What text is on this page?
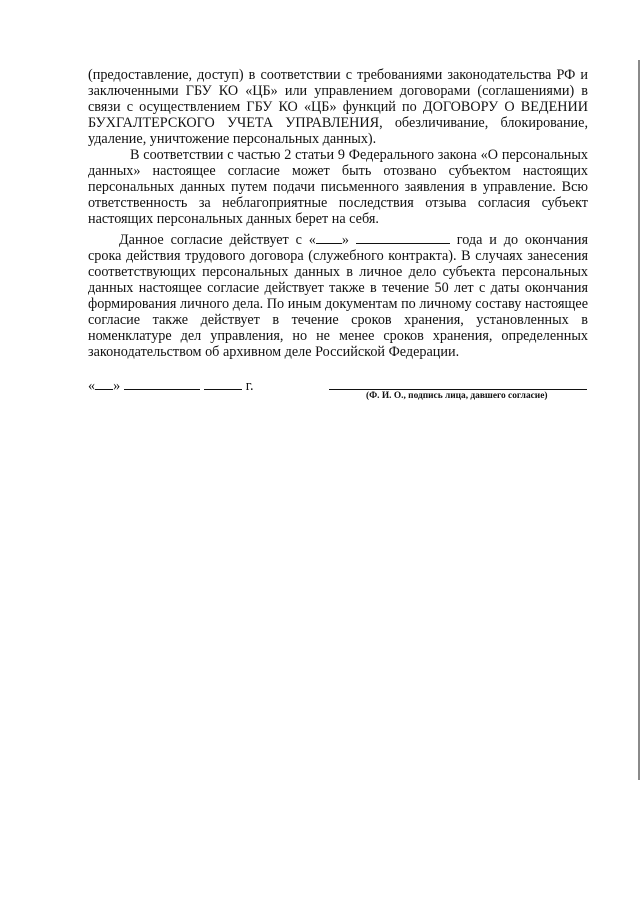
(предоставление, доступ) в соответствии с требованиями законодательства РФ и
заключенными ГБУ КО «ЦБ» или управлением договорами (соглашениями) в
связи с осуществлением ГБУ КО «ЦБ» функций по ДОГОВОРУ О ВЕДЕНИИ
БУХГАЛТЕРСКОГО УЧЕТА УПРАВЛЕНИЯ, обезличивание, блокирование,
удаление, уничтожение персональных данных).
В соответствии с частью 2 статьи 9 Федерального закона «О персональных
данных» настоящее согласие может быть отозвано субъектом настоящих
персональных данных путем подачи письменного заявления в управление. Всю
ответственность за неблагоприятные последствия отзыва согласия субъект
настоящих персональных данных берет на себя.
Данное согласие действует с « »	года и до окончания
срока действия трудового договора (служебного контракта). В случаях занесения
соответствующих персональных данных в личное дело субъекта персональных
данных настоящее согласие действует также в течение 50 лет с даты окончания
формирования личного дела. По иным документам по личному составу настоящее
согласие также действует в течение сроков хранения, установленных в
номенклатуре дел управления, но не менее сроков хранения, определенных
законодательством об архивном деле Российской Федерации.
« »	г.
(Ф. И. О., подпись лица, давшего согласие)
